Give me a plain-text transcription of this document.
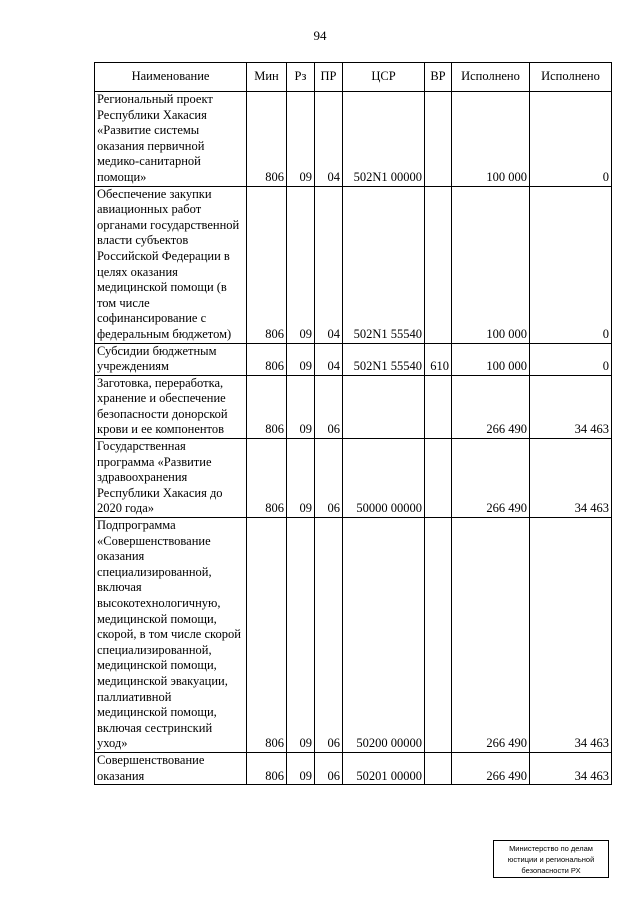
94
Наименование	Мин	Рз	ПР	ЦСР	ВР	Исполнено	Исполнено
Региональный проект Республики Хакасия «Развитие системы оказания первичной медико-санитарной помощи»	806	09	04	502N1 00000		100 000	0
Обеспечение закупки авиационных работ органами государственной власти субъектов Российской Федерации в целях оказания медицинской помощи (в том числе софинансирование с федеральным бюджетом)	806	09	04	502N1 55540		100 000	0
Субсидии бюджетным учреждениям	806	09	04	502N1 55540	610	100 000	0
Заготовка, переработка, хранение и обеспечение безопасности донорской крови и ее компонентов	806	09	06			266 490	34 463
Государственная программа «Развитие здравоохранения Республики Хакасия до 2020 года»	806	09	06	50000 00000		266 490	34 463
Подпрограмма «Совершенствование оказания специализированной, включая высокотехнологичную, медицинской помощи, скорой, в том числе скорой специализированной, медицинской помощи, медицинской эвакуации, паллиативной медицинской помощи, включая сестринский уход»	806	09	06	50200 00000		266 490	34 463
Совершенствование оказания	806	09	06	50201 00000		266 490	34 463
Министерство по делам
юстиции и региональной
безопасности РХ
